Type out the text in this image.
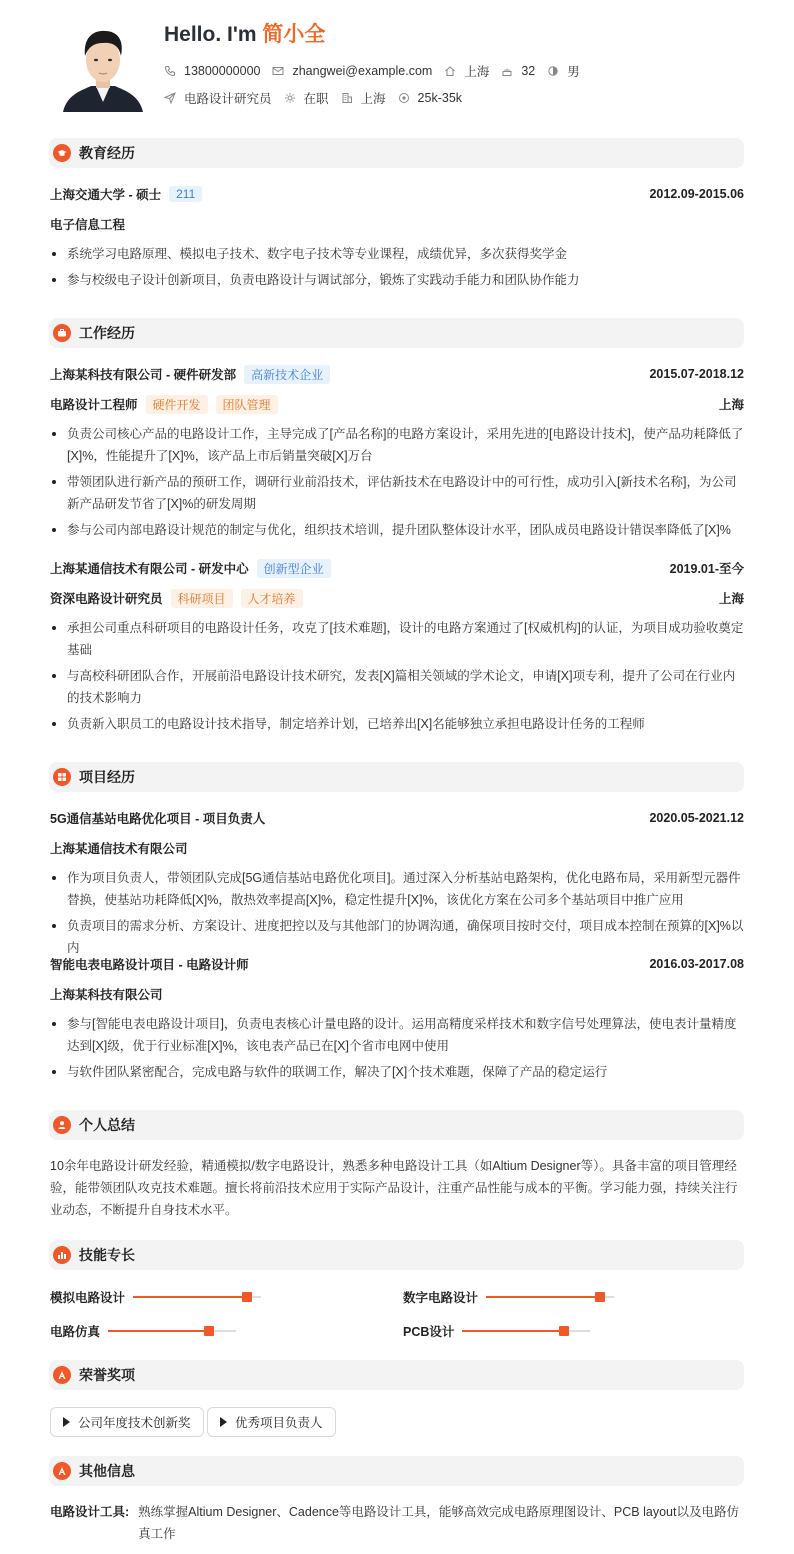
Hello. I'm 简小全
13800000000	zhangwei@example.com	上海	32	男
电路设计研究员	在职	上海	25k-35k
教育经历
上海交通大学 - 硕士	211	2012.09-2015.06
电子信息工程
系统学习电路原理、模拟电子技术、数字电子技术等专业课程，成绩优异，多次获得奖学金
参与校级电子设计创新项目，负责电路设计与调试部分，锻炼了实践动手能力和团队协作能力
工作经历
上海某科技有限公司 - 硬件研发部	高新技术企业	2015.07-2018.12
电路设计工程师	硬件开发	团队管理	上海
负责公司核心产品的电路设计工作，主导完成了[产品名称]的电路方案设计，采用先进的[电路设计技术]，使产品功耗降低了[X]%，性能提升了[X]%，该产品上市后销量突破[X]万台
带领团队进行新产品的预研工作，调研行业前沿技术，评估新技术在电路设计中的可行性，成功引入[新技术名称]，为公司新产品研发节省了[X]%的研发周期
参与公司内部电路设计规范的制定与优化，组织技术培训，提升团队整体设计水平，团队成员电路设计错误率降低了[X]%
上海某通信技术有限公司 - 研发中心	创新型企业	2019.01-至今
资深电路设计研究员	科研项目	人才培养	上海
承担公司重点科研项目的电路设计任务，攻克了[技术难题]，设计的电路方案通过了[权威机构]的认证，为项目成功验收奠定基础
与高校科研团队合作，开展前沿电路设计技术研究，发表[X]篇相关领域的学术论文，申请[X]项专利，提升了公司在行业内的技术影响力
负责新入职员工的电路设计技术指导，制定培养计划，已培养出[X]名能够独立承担电路设计任务的工程师
项目经历
5G通信基站电路优化项目 - 项目负责人	2020.05-2021.12
上海某通信技术有限公司
作为项目负责人，带领团队完成[5G通信基站电路优化项目]。通过深入分析基站电路架构，优化电路布局，采用新型元器件替换，使基站功耗降低[X]%，散热效率提高[X]%，稳定性提升[X]%，该优化方案在公司多个基站项目中推广应用
负责项目的需求分析、方案设计、进度把控以及与其他部门的协调沟通，确保项目按时交付，项目成本控制在预算的[X]%以内
智能电表电路设计项目 - 电路设计师	2016.03-2017.08
上海某科技有限公司
参与[智能电表电路设计项目]，负责电表核心计量电路的设计。运用高精度采样技术和数字信号处理算法，使电表计量精度达到[X]级，优于行业标准[X]%，该电表产品已在[X]个省市电网中使用
与软件团队紧密配合，完成电路与软件的联调工作，解决了[X]个技术难题，保障了产品的稳定运行
个人总结
10余年电路设计研发经验，精通模拟/数字电路设计，熟悉多种电路设计工具（如Altium Designer等）。具备丰富的项目管理经验，能带领团队攻克技术难题。擅长将前沿技术应用于实际产品设计，注重产品性能与成本的平衡。学习能力强，持续关注行业动态，不断提升自身技术水平。
技能专长
模拟电路设计	数字电路设计
电路仿真	PCB设计
荣誉奖项
公司年度技术创新奖	优秀项目负责人
其他信息
电路设计工具: 熟练掌握Altium Designer、Cadence等电路设计工具，能够高效完成电路原理图设计、PCB layout以及电路仿真工作
